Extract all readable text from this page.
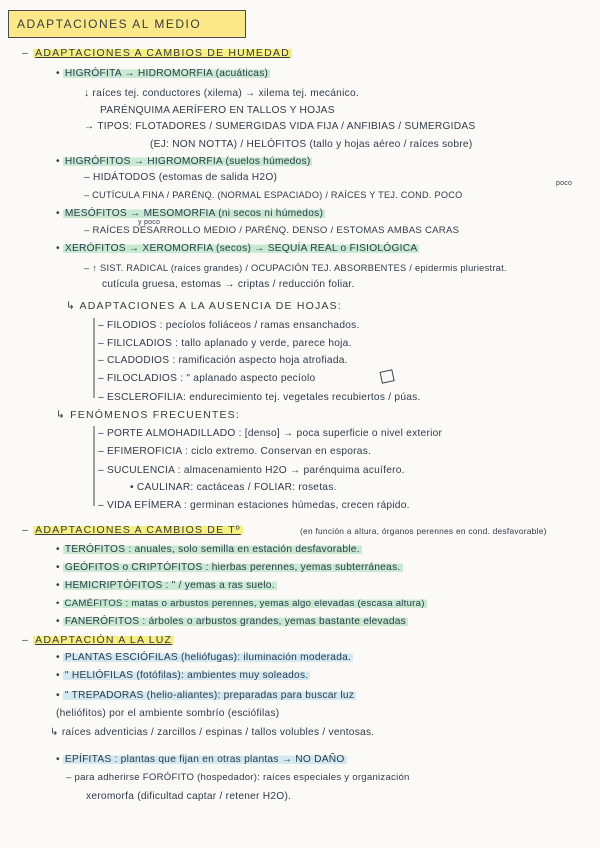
ADAPTACIONES AL MEDIO
– ADAPTACIONES A CAMBIOS DE HUMEDAD
• HIGRÓFITA → HIDROMORFIA (acuáticas)
↓ raíces tej. conductores (xilema) → xilema tej. mecánico.
PARÉNQUIMA AERÍFERO EN TALLOS Y HOJAS
→ TIPOS: FLOTADORES / SUMERGIDAS VIDA FIJA / ANFIBIAS / SUMERGIDAS
(EJ: NON NOTTA) / HELÓFITOS (tallo y hojas aéreo / raíces sobre)
• HIGRÓFITOS → HIGROMORFIA (suelos húmedos)
– HIDÁTODOS (estomas de salida H2O)
– CUTÍCULA FINA / PARÉNQ. (NORMAL ESPACIADO) / RAÍCES Y TEJ. COND. POCO
poco
• MESÓFITOS → MESOMORFIA (ni secos ni húmedos)
y poco
– RAÍCES DESARROLLO MEDIO / PARÉNQ. DENSO / ESTOMAS AMBAS CARAS
• XERÓFITOS → XEROMORFIA (secos) → SEQUÍA REAL o FISIOLÓGICA
– ↑ SIST. RADICAL (raíces grandes) / OCUPACIÓN TEJ. ABSORBENTES / epidermis pluriestrat.
cutícula gruesa, estomas → criptas / reducción foliar.
↳ ADAPTACIONES A LA AUSENCIA DE HOJAS:
– FILODIOS : pecíolos foliáceos / ramas ensanchados.
– FILICLADIOS : tallo aplanado y verde, parece hoja.
– CLADODIOS : ramificación aspecto hoja atrofiada.
– FILOCLADIOS : " aplanado aspecto pecíolo
– ESCLEROFILIA: endurecimiento tej. vegetales recubiertos / púas.
↳ FENÓMENOS FRECUENTES:
– PORTE ALMOHADILLADO : [denso] → poca superficie o nivel exterior
– EFIMEROFICIA : ciclo extremo. Conservan en esporas.
– SUCULENCIA : almacenamiento H2O → parénquima acuífero.
• CAULINAR: cactáceas / FOLIAR: rosetas.
– VIDA EFÍMERA : germinan estaciones húmedas, crecen rápido.
– ADAPTACIONES A CAMBIOS DE Tº	(en función a altura, órganos perennes en cond. desfavorable)
• TERÓFITOS : anuales, solo semilla en estación desfavorable.
• GEÓFITOS o CRIPTÓFITOS : hierbas perennes, yemas subterráneas.
• HEMICRIPTÓFITOS : " / yemas a ras suelo.
• CAMÉFITOS : matas o arbustos perennes, yemas algo elevadas (escasa altura)
• FANERÓFITOS : árboles o arbustos grandes, yemas bastante elevadas
– ADAPTACIÓN A LA LUZ
• PLANTAS ESCIÓFILAS (heliófugas): iluminación moderada.
• " HELIÓFILAS (fotófilas): ambientes muy soleados.
• " TREPADORAS (helio-aliantes): preparadas para buscar luz
(heliófitos) por el ambiente sombrío (esciófilas)
↳ raíces adventicias / zarcillos / espinas / tallos volubles / ventosas.
• EPÍFITAS : plantas que fijan en otras plantas → NO DAÑO
– para adherirse FORÓFITO (hospedador): raíces especiales y organización
xeromorfa (dificultad captar / retener H2O).
